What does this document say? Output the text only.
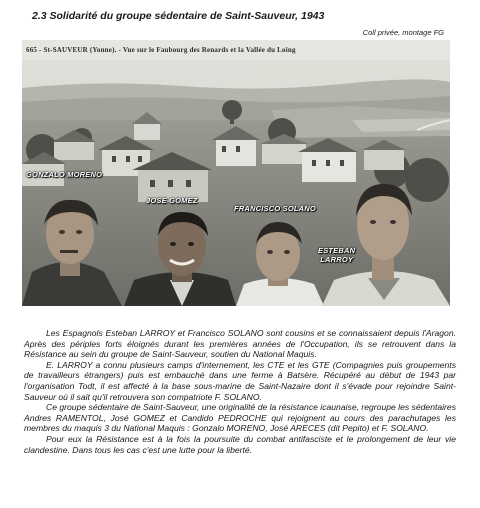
2.3 Solidarité du groupe sédentaire de Saint-Sauveur, 1943
Coll privée, montage FG
665 - St-SAUVEUR (Yonne). - Vue sur le Faubourg des Renards et la Vallée du Loing
GONZALO MORENO
JOSE GOMEZ
FRANCISCO SOLANO
ESTEBAN
LARROY

Les Espagnols Esteban LARROY et Francisco SOLANO sont cousins et se connaissaient depuis l'Aragon. Après des périples forts éloignés durant les premières années de l'Occupation, ils se retrouvent dans la Résistance au sein du groupe de Saint-Sauveur, soutien du National Maquis.

E. LARROY a connu plusieurs camps d'internement, les CTE et les GTE (Compagnies puis groupements de travailleurs étrangers) puis est embauché dans une ferme à Batsère. Récupéré au début de 1943 par l'organisation Todt, il est affecté à la base sous-marine de Saint-Nazaire dont il s'évade pour rejoindre Saint-Sauveur où il sait qu'il retrouvera son compatriote F. SOLANO.

Ce groupe sédentaire de Saint-Sauveur, une originalité de la résistance icaunaise, regroupe les sédentaires Andres RAMENTOL, José GOMEZ et Candido PEDROCHE qui rejoignent au cours des parachutages les membres du maquis 3 du National Maquis : Gonzalo MORENO, José ARECES (dit Pepito) et F. SOLANO.

Pour eux la Résistance est à la fois la poursuite du combat antifasciste et le prolongement de leur vie clandestine. Dans tous les cas c'est une lutte pour la liberté.
